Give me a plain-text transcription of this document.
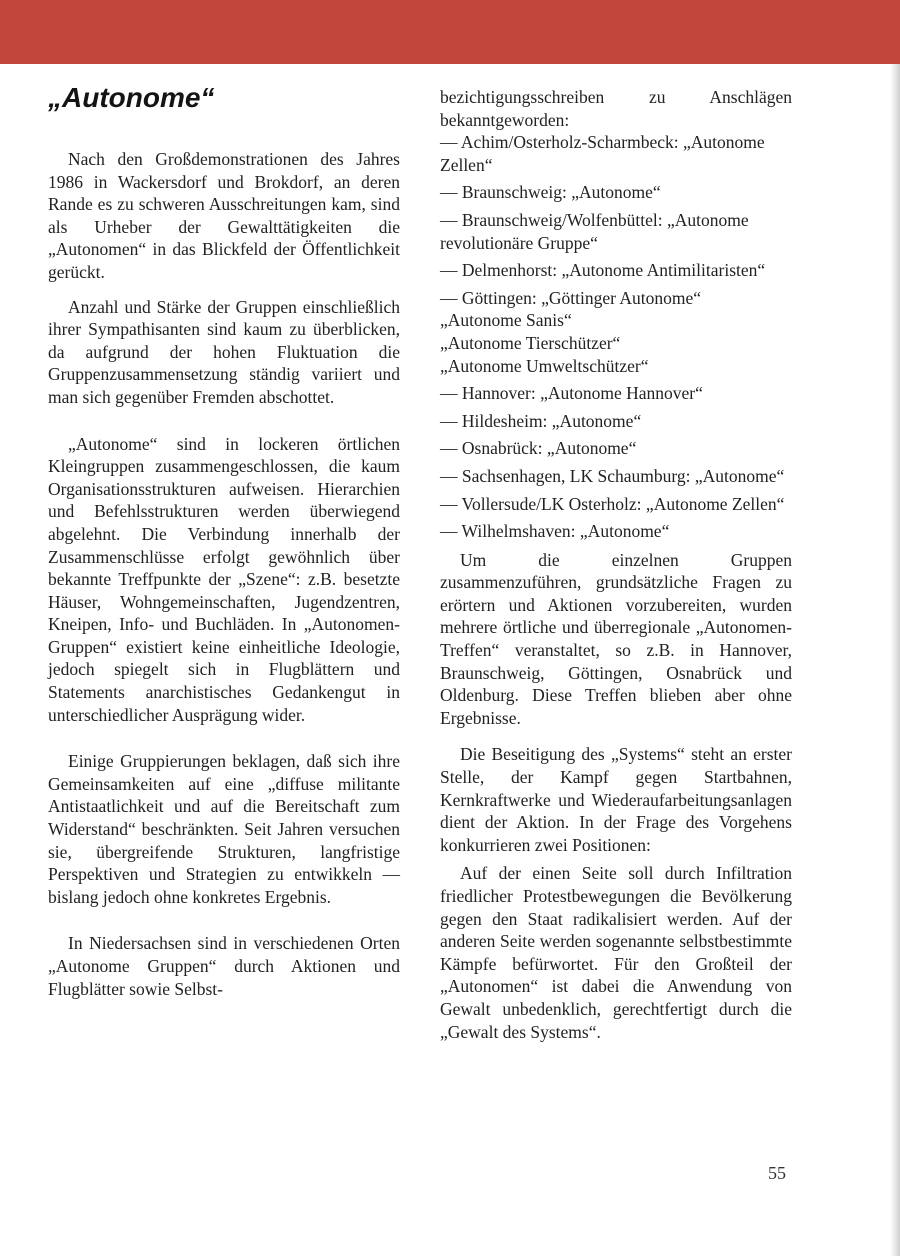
„Autonome“

Nach den Großdemonstrationen des Jahres 1986 in Wackersdorf und Brokdorf, an deren Rande es zu schweren Ausschreitungen kam, sind als Urheber der Gewalttätigkeiten die „Autonomen“ in das Blickfeld der Öffentlichkeit gerückt.

Anzahl und Stärke der Gruppen einschließlich ihrer Sympathisanten sind kaum zu überblicken, da aufgrund der hohen Fluktuation die Gruppenzusammensetzung ständig variiert und man sich gegenüber Fremden abschottet.

„Autonome“ sind in lockeren örtlichen Kleingruppen zusammengeschlossen, die kaum Organisationsstrukturen aufweisen. Hierarchien und Befehlsstrukturen werden überwiegend abgelehnt. Die Verbindung innerhalb der Zusammenschlüsse erfolgt gewöhnlich über bekannte Treffpunkte der „Szene“: z.B. besetzte Häuser, Wohngemeinschaften, Jugendzentren, Kneipen, Info- und Buchläden. In „Autonomen-Gruppen“ existiert keine einheitliche Ideologie, jedoch spiegelt sich in Flugblättern und Statements anarchistisches Gedankengut in unterschiedlicher Ausprägung wider.

Einige Gruppierungen beklagen, daß sich ihre Gemeinsamkeiten auf eine „diffuse militante Antistaatlichkeit und auf die Bereitschaft zum Widerstand“ beschränkten. Seit Jahren versuchen sie, übergreifende Strukturen, langfristige Perspektiven und Strategien zu entwikkeln — bislang jedoch ohne konkretes Ergebnis.

In Niedersachsen sind in verschiedenen Orten „Autonome Gruppen“ durch Aktionen und Flugblätter sowie Selbst-

bezichtigungsschreiben zu Anschlägen bekanntgeworden:

— Achim/Osterholz-Scharmbeck: „Autonome Zellen“
— Braunschweig: „Autonome“
— Braunschweig/Wolfenbüttel: „Autonome revolutionäre Gruppe“
— Delmenhorst: „Autonome Antimilitaristen“
— Göttingen: „Göttinger Autonome“
„Autonome Sanis“
„Autonome Tierschützer“
„Autonome Umweltschützer“
— Hannover: „Autonome Hannover“
— Hildesheim: „Autonome“
— Osnabrück: „Autonome“
— Sachsenhagen, LK Schaumburg: „Autonome“
— Vollersude/LK Osterholz: „Autonome Zellen“
— Wilhelmshaven: „Autonome“

Um die einzelnen Gruppen zusammenzuführen, grundsätzliche Fragen zu erörtern und Aktionen vorzubereiten, wurden mehrere örtliche und überregionale „Autonomen-Treffen“ veranstaltet, so z.B. in Hannover, Braunschweig, Göttingen, Osnabrück und Oldenburg. Diese Treffen blieben aber ohne Ergebnisse.

Die Beseitigung des „Systems“ steht an erster Stelle, der Kampf gegen Startbahnen, Kernkraftwerke und Wiederaufarbeitungsanlagen dient der Aktion. In der Frage des Vorgehens konkurrieren zwei Positionen:

Auf der einen Seite soll durch Infiltration friedlicher Protestbewegungen die Bevölkerung gegen den Staat radikalisiert werden. Auf der anderen Seite werden sogenannte selbstbestimmte Kämpfe befürwortet. Für den Großteil der „Autonomen“ ist dabei die Anwendung von Gewalt unbedenklich, gerechtfertigt durch die „Gewalt des Systems“.

55
